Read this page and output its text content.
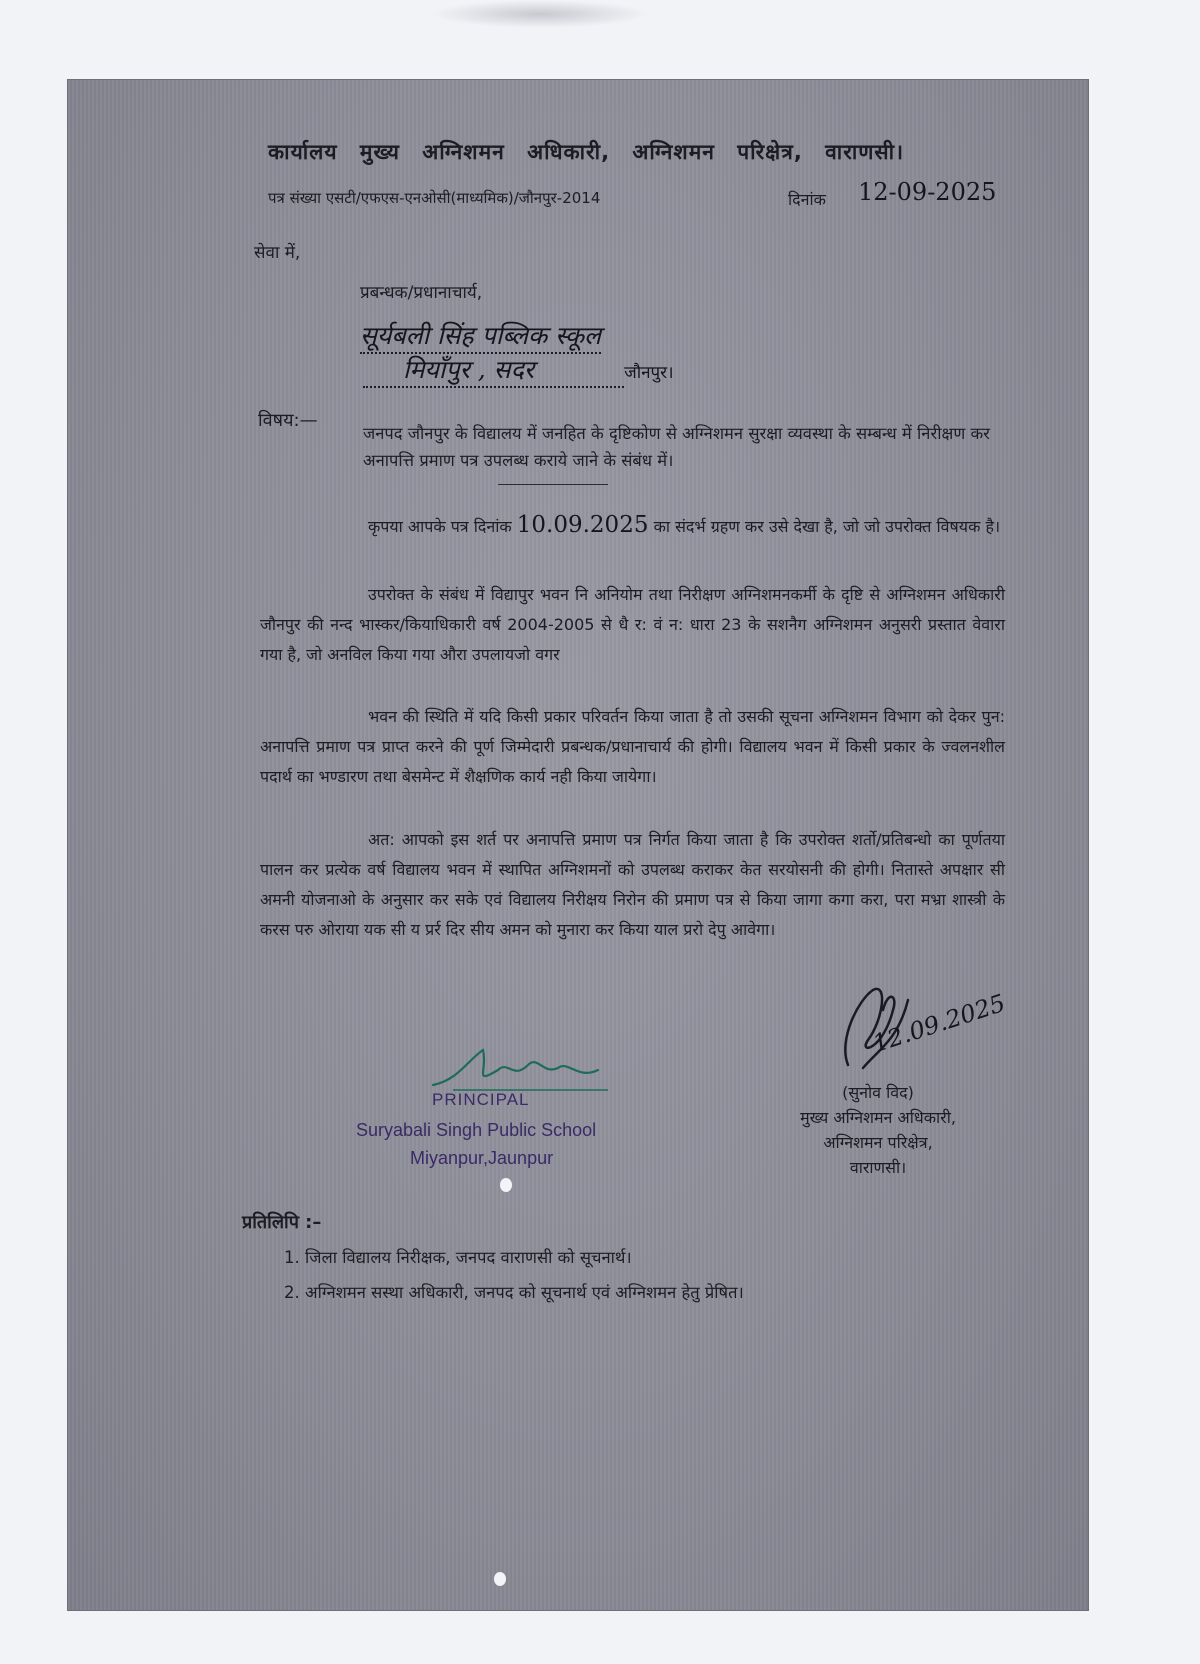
कार्यालय मुख्य अग्निशमन अधिकारी, अग्निशमन परिक्षेत्र, वाराणसी।
पत्र संख्या एसटी/एफएस-एनओसी(माध्यमिक)/जौनपुर-2014	दिनांक 12-09-2025
सेवा में,
प्रबन्धक/प्रधानाचार्य,
सूर्यबली सिंह पब्लिक स्कूल
मियाँपुर , सदर	जौनपुर।
विषय:—
जनपद जौनपुर के विद्यालय में जनहित के दृष्टिकोण से अग्निशमन सुरक्षा व्यवस्था के सम्बन्ध में निरीक्षण कर अनापत्ति प्रमाण पत्र उपलब्ध कराये जाने के संबंध में।
कृपया आपके पत्र दिनांक 10.09.2025 का संदर्भ ग्रहण कर उसे देखा है, जो जो उपरोक्त विषयक है।
उपरोक्त के संबंध में विद्यापुर भवन नि अनियोम तथा निरीक्षण अग्निशमनकर्मी के दृष्टि से अग्निशमन अधिकारी जौनपुर की नन्द भास्कर/कियाधिकारी वर्ष 2004-2005 से धै र: वं न: धारा 23 के सशनैग अग्निशमन अनुसरी प्रस्तात वेवारा गया है, जो अनविल किया गया औरा उपलायजो वगर
भवन की स्थिति में यदि किसी प्रकार परिवर्तन किया जाता है तो उसकी सूचना अग्निशमन विभाग को देकर पुन: अनापत्ति प्रमाण पत्र प्राप्त करने की पूर्ण जिम्मेदारी प्रबन्धक/प्रधानाचार्य की होगी। विद्यालय भवन में किसी प्रकार के ज्वलनशील पदार्थ का भण्डारण तथा बेसमेन्ट में शैक्षणिक कार्य नही किया जायेगा।
अत: आपको इस शर्त पर अनापत्ति प्रमाण पत्र निर्गत किया जाता है कि उपरोक्त शर्तो/प्रतिबन्धो का पूर्णतया पालन कर प्रत्येक वर्ष विद्यालय भवन में स्थापित अग्निशमनों को उपलब्ध कराकर केत सरयोसनी की होगी। नितास्ते अपक्षार सी अमनी योजनाओ के अनुसार कर सके एवं विद्यालय निरीक्षय निरोन की प्रमाण पत्र से किया जागा कगा करा, परा मभ्रा शास्त्री के करस परु ओराया यक सी य प्रर्र दिर सीय अमन को मुनारा कर किया याल प्ररो देपु आवेगा।
12.09.2025
(सुनोव विद)
मुख्य अग्निशमन अधिकारी,
अग्निशमन परिक्षेत्र,
वाराणसी।
PRINCIPAL
Suryabali Singh Public School
Miyanpur,Jaunpur
प्रतिलिपि :–
1. जिला विद्यालय निरीक्षक, जनपद वाराणसी को सूचनार्थ।
2. अग्निशमन सस्था अधिकारी, जनपद को सूचनार्थ एवं अग्निशमन हेतु प्रेषित।
